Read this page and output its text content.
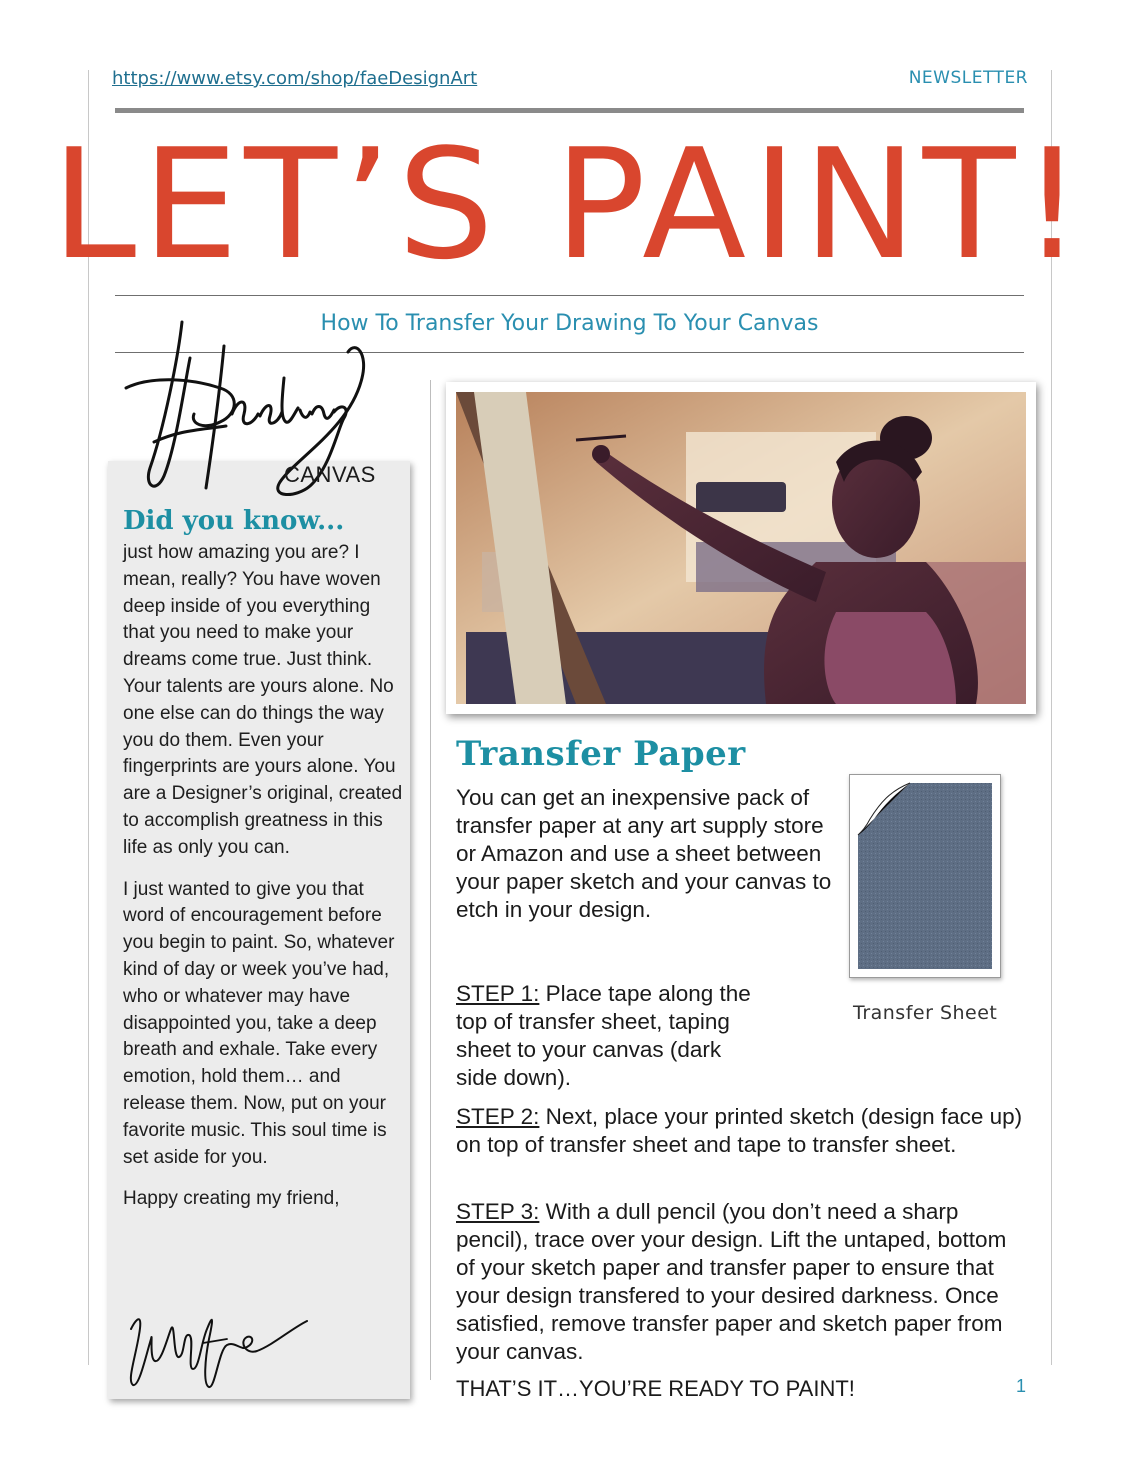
https://www.etsy.com/shop/faeDesignArt	NEWSLETTER
LET’S PAINT!
How To Transfer Your Drawing To Your Canvas
Did you know...

just how amazing you are? I mean, really? You have woven deep inside of you everything that you need to make your dreams come true. Just think. Your talents are yours alone. No one else can do things the way you do them. Even your fingerprints are yours alone. You are a Designer’s original, created to accomplish greatness in this life as only you can.

I just wanted to give you that word of encouragement before you begin to paint. So, whatever kind of day or week you’ve had, who or whatever may have disappointed you, take a deep breath and exhale. Take every emotion, hold them… and release them. Now, put on your favorite music. This soul time is set aside for you.

Happy creating my friend,

CANVAS
Transfer Paper

You can get an inexpensive pack of transfer paper at any art supply store or Amazon and use a sheet between your paper sketch and your canvas to etch in your design.

Transfer Sheet

STEP 1: Place tape along the top of transfer sheet, taping sheet to your canvas (dark side down).

STEP 2: Next, place your printed sketch (design face up) on top of transfer sheet and tape to transfer sheet.

STEP 3: With a dull pencil (you don’t need a sharp pencil), trace over your design. Lift the untaped, bottom of your sketch paper and transfer paper to ensure that your design transfered to your desired darkness. Once satisfied, remove transfer paper and sketch paper from your canvas.

THAT’S IT…YOU’RE READY TO PAINT!	1
